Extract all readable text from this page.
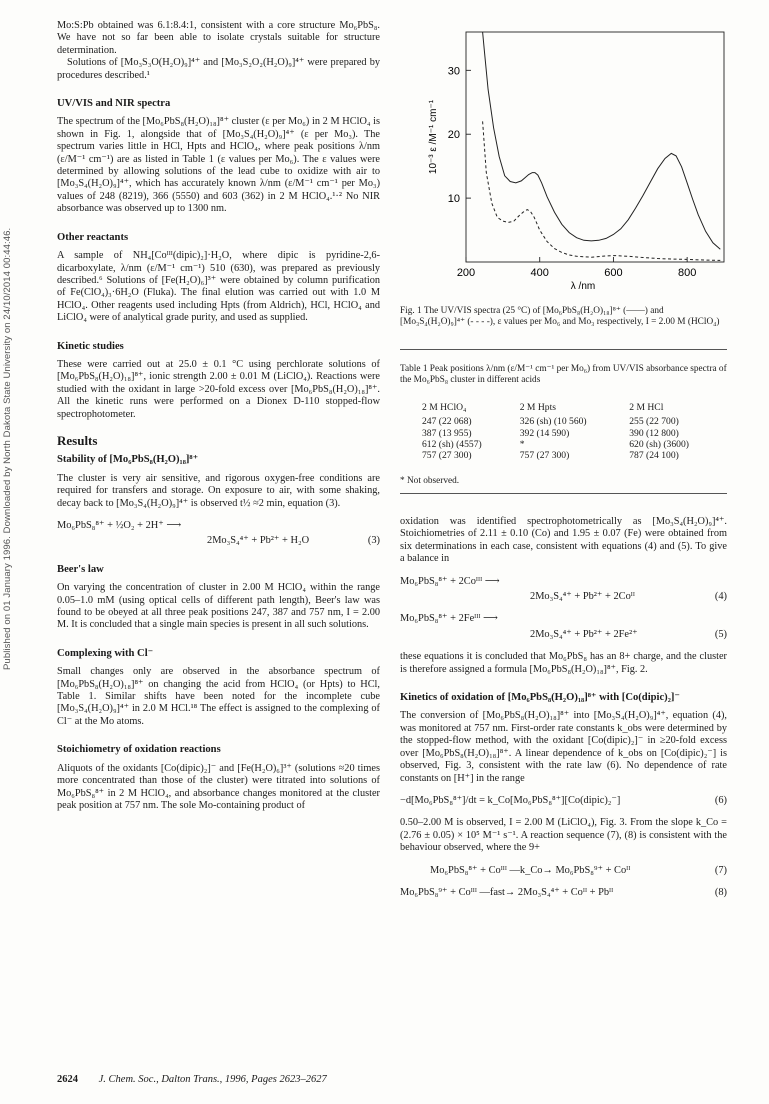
Published on 01 January 1996. Downloaded by North Dakota State University on 24/10/2014 00:44:46.

Mo:S:Pb obtained was 6.1:8.4:1, consistent with a core structure Mo₆PbS₈. We have not so far been able to isolate crystals suitable for structure determination.

Solutions of [Mo₃S₃O(H₂O)₉]⁴⁺ and [Mo₃S₂O₂(H₂O)₉]⁴⁺ were prepared by procedures described.¹

UV/VIS and NIR spectra

The spectrum of the [Mo₆PbS₈(H₂O)₁₈]⁸⁺ cluster (ε per Mo₆) in 2 M HClO₄ is shown in Fig. 1, alongside that of [Mo₃S₄(H₂O)₉]⁴⁺ (ε per Mo₃). The spectrum varies little in HCl, Hpts and HClO₄, where peak positions λ/nm (ε/M⁻¹ cm⁻¹) are as listed in Table 1 (ε values per Mo₆). The ε values were determined by allowing solutions of the lead cube to oxidize with air to [Mo₃S₄(H₂O)₉]⁴⁺, which has accurately known λ/nm (ε/M⁻¹ cm⁻¹ per Mo₃) values of 248 (8219), 366 (5550) and 603 (362) in 2 M HClO₄.¹·² No NIR absorbance was observed up to 1300 nm.

Other reactants

A sample of NH₄[Coᴵᴵᴵ(dipic)₂]·H₂O, where dipic is pyridine-2,6-dicarboxylate, λ/nm (ε/M⁻¹ cm⁻¹) 510 (630), was prepared as previously described.⁶ Solutions of [Fe(H₂O)₆]³⁺ were obtained by column purification of Fe(ClO₄)₃·6H₂O (Fluka). The final elution was carried out with 1.0 M HClO₄. Other reagents used including Hpts (from Aldrich), HCl, HClO₄ and LiClO₄ were of analytical grade purity, and used as supplied.

Kinetic studies

These were carried out at 25.0 ± 0.1 °C using perchlorate solutions of [Mo₆PbS₈(H₂O)₁₈]⁸⁺, ionic strength 2.00 ± 0.01 M (LiClO₄). Reactions were studied with the oxidant in large >20-fold excess over [Mo₆PbS₈(H₂O)₁₈]⁸⁺. All the kinetic runs were performed on a Dionex D-110 stopped-flow spectrophotometer.

Results
Stability of [Mo₆PbS₈(H₂O)₁₈]⁸⁺

The cluster is very air sensitive, and rigorous oxygen-free conditions are required for transfers and storage. On exposure to air, with some shaking, decay back to [Mo₃S₄(H₂O)₉]⁴⁺ is observed t½ ≈2 min, equation (3).

Mo₆PbS₈⁸⁺ + ½O₂ + 2H⁺ ⟶
2Mo₃S₄⁴⁺ + Pb²⁺ + H₂O	(3)
Beer's law

On varying the concentration of cluster in 2.00 M HClO₄ within the range 0.05–1.0 mM (using optical cells of different path length), Beer's law was found to be obeyed at all three peak positions 247, 387 and 757 nm, I = 2.00 M. It is concluded that a single main species is present in all such solutions.

Complexing with Cl⁻

Small changes only are observed in the absorbance spectrum of [Mo₆PbS₈(H₂O)₁₈]⁸⁺ on changing the acid from HClO₄ (or Hpts) to HCl, Table 1. Similar shifts have been noted for the incomplete cube [Mo₃S₄(H₂O)₉]⁴⁺ in 2.0 M HCl.¹⁸ The effect is assigned to the complexing of Cl⁻ at the Mo atoms.

Stoichiometry of oxidation reactions

Aliquots of the oxidants [Co(dipic)₂]⁻ and [Fe(H₂O)₆]³⁺ (solutions ≈20 times more concentrated than those of the cluster) were titrated into solutions of Mo₆PbS₈⁸⁺ in 2 M HClO₄, and absorbance changes monitored at the cluster peak position at 757 nm. The sole Mo-containing product of

200	400	600	800
10
20
30
10⁻³ ε /M⁻¹ cm⁻¹
λ /nm
Fig. 1 The UV/VIS spectra (25 °C) of [Mo₆PbS₈(H₂O)₁₈]⁸⁺ (——) and [Mo₃S₄(H₂O)₉]⁴⁺ (- - - -), ε values per Mo₆ and Mo₃ respectively, I = 2.00 M (HClO₄)
Table 1 Peak positions λ/nm (ε/M⁻¹ cm⁻¹ per Mo₆) from UV/VIS absorbance spectra of the Mo₆PbS₈ cluster in different acids
2 M HClO₄	2 M Hpts	2 M HCl
247 (22 068)	326 (sh) (10 560)	255 (22 700)
387 (13 955)	392 (14 590)	390 (12 800)
612 (sh) (4557)	*	620 (sh) (3600)
757 (27 300)	757 (27 300)	787 (24 100)
* Not observed.

oxidation was identified spectrophotometrically as [Mo₃S₄(H₂O)₉]⁴⁺. Stoichiometries of 2.11 ± 0.10 (Co) and 1.95 ± 0.07 (Fe) were obtained from six determinations in each case, consistent with equations (4) and (5). To give a balance in

Mo₆PbS₈⁸⁺ + 2Coᴵᴵᴵ ⟶
2Mo₃S₄⁴⁺ + Pb²⁺ + 2Coᴵᴵ	(4)
Mo₆PbS₈⁸⁺ + 2Feᴵᴵᴵ ⟶
2Mo₃S₄⁴⁺ + Pb²⁺ + 2Fe²⁺	(5)

these equations it is concluded that Mo₆PbS₈ has an 8+ charge, and the cluster is therefore assigned a formula [Mo₆PbS₈(H₂O)₁₈]⁸⁺, Fig. 2.

Kinetics of oxidation of [Mo₆PbS₈(H₂O)₁₈]⁸⁺ with [Co(dipic)₂]⁻

The conversion of [Mo₆PbS₈(H₂O)₁₈]⁸⁺ into [Mo₃S₄(H₂O)₉]⁴⁺, equation (4), was monitored at 757 nm. First-order rate constants k_obs were determined by the stopped-flow method, with the oxidant [Co(dipic)₂]⁻ in ≥20-fold excess over [Mo₆PbS₈(H₂O)₁₈]⁸⁺. A linear dependence of k_obs on [Co(dipic)₂⁻] is observed, Fig. 3, consistent with the rate law (6). No dependence of rate constants on [H⁺] in the range

−d[Mo₆PbS₈⁸⁺]/dt = k_Co[Mo₆PbS₈⁸⁺][Co(dipic)₂⁻]	(6)

0.50–2.00 M is observed, I = 2.00 M (LiClO₄), Fig. 3. From the slope k_Co = (2.76 ± 0.05) × 10⁵ M⁻¹ s⁻¹. A reaction sequence (7), (8) is consistent with the behaviour observed, where the 9+

Mo₆PbS₈⁸⁺ + Coᴵᴵᴵ —k_Co→ Mo₆PbS₈⁹⁺ + Coᴵᴵ	(7)
Mo₆PbS₈⁹⁺ + Coᴵᴵᴵ —fast→ 2Mo₃S₄⁴⁺ + Coᴵᴵ + Pbᴵᴵ	(8)
2624 J. Chem. Soc., Dalton Trans., 1996, Pages 2623–2627
